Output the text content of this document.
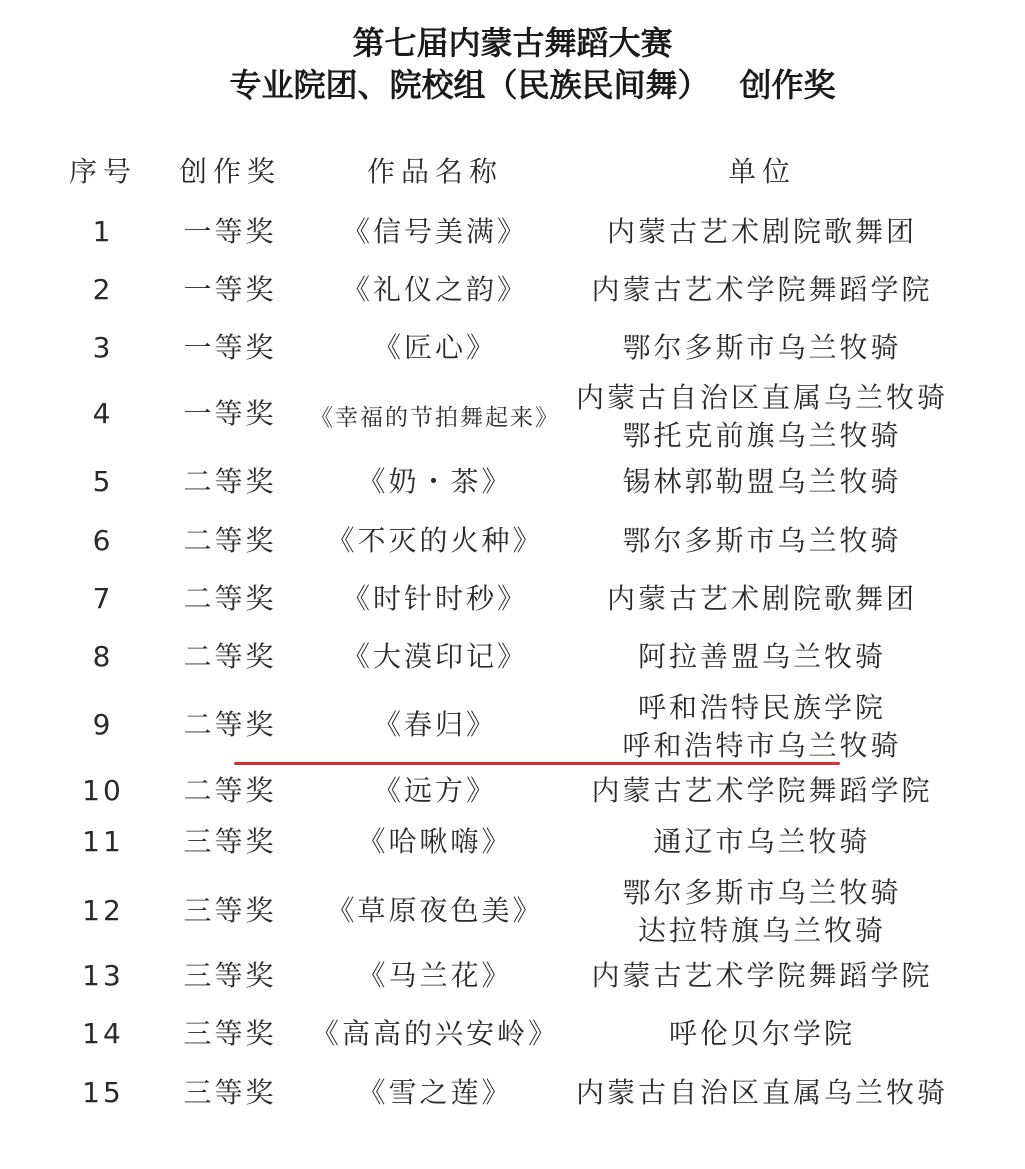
第七届内蒙古舞蹈大赛
专业院团、院校组（民族民间舞） 创作奖
序号	创作奖	作品名称	单位
1	一等奖	《信号美满》	内蒙古艺术剧院歌舞团
2	一等奖	《礼仪之韵》	内蒙古艺术学院舞蹈学院
3	一等奖	《匠心》	鄂尔多斯市乌兰牧骑
4	一等奖	《幸福的节拍舞起来》
内蒙古自治区直属乌兰牧骑
鄂托克前旗乌兰牧骑
5	二等奖	《奶・茶》	锡林郭勒盟乌兰牧骑
6	二等奖	《不灭的火种》	鄂尔多斯市乌兰牧骑
7	二等奖	《时针时秒》	内蒙古艺术剧院歌舞团
8	二等奖	《大漠印记》	阿拉善盟乌兰牧骑
9	二等奖	《春归》
呼和浩特民族学院
呼和浩特市乌兰牧骑
10	二等奖	《远方》	内蒙古艺术学院舞蹈学院
11	三等奖	《哈啾嗨》	通辽市乌兰牧骑
12	三等奖	《草原夜色美》
鄂尔多斯市乌兰牧骑
达拉特旗乌兰牧骑
13	三等奖	《马兰花》	内蒙古艺术学院舞蹈学院
14	三等奖	《高高的兴安岭》	呼伦贝尔学院
15	三等奖	《雪之莲》	内蒙古自治区直属乌兰牧骑
